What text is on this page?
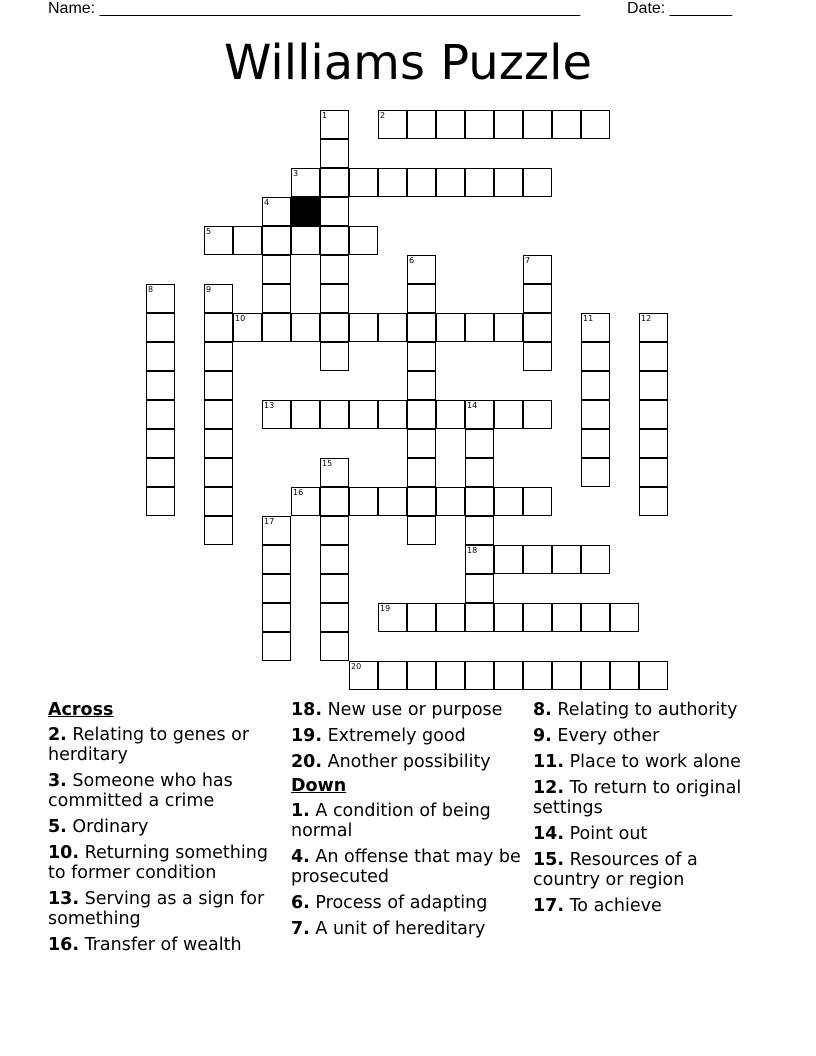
Name: ______________________________________________________	Date: _______
Williams Puzzle
1	2
3
4
5
6	7
8	9
10	11	12
13	14
15
16
17
18
19
20
Across
2. Relating to genes or herditary
3. Someone who has committed a crime
5. Ordinary
10. Returning something to former condition
13. Serving as a sign for something
16. Transfer of wealth
18. New use or purpose
19. Extremely good
20. Another possibility
Down
1. A condition of being normal
4. An offense that may be prosecuted
6. Process of adapting
7. A unit of hereditary
8. Relating to authority
9. Every other
11. Place to work alone
12. To return to original settings
14. Point out
15. Resources of a country or region
17. To achieve
